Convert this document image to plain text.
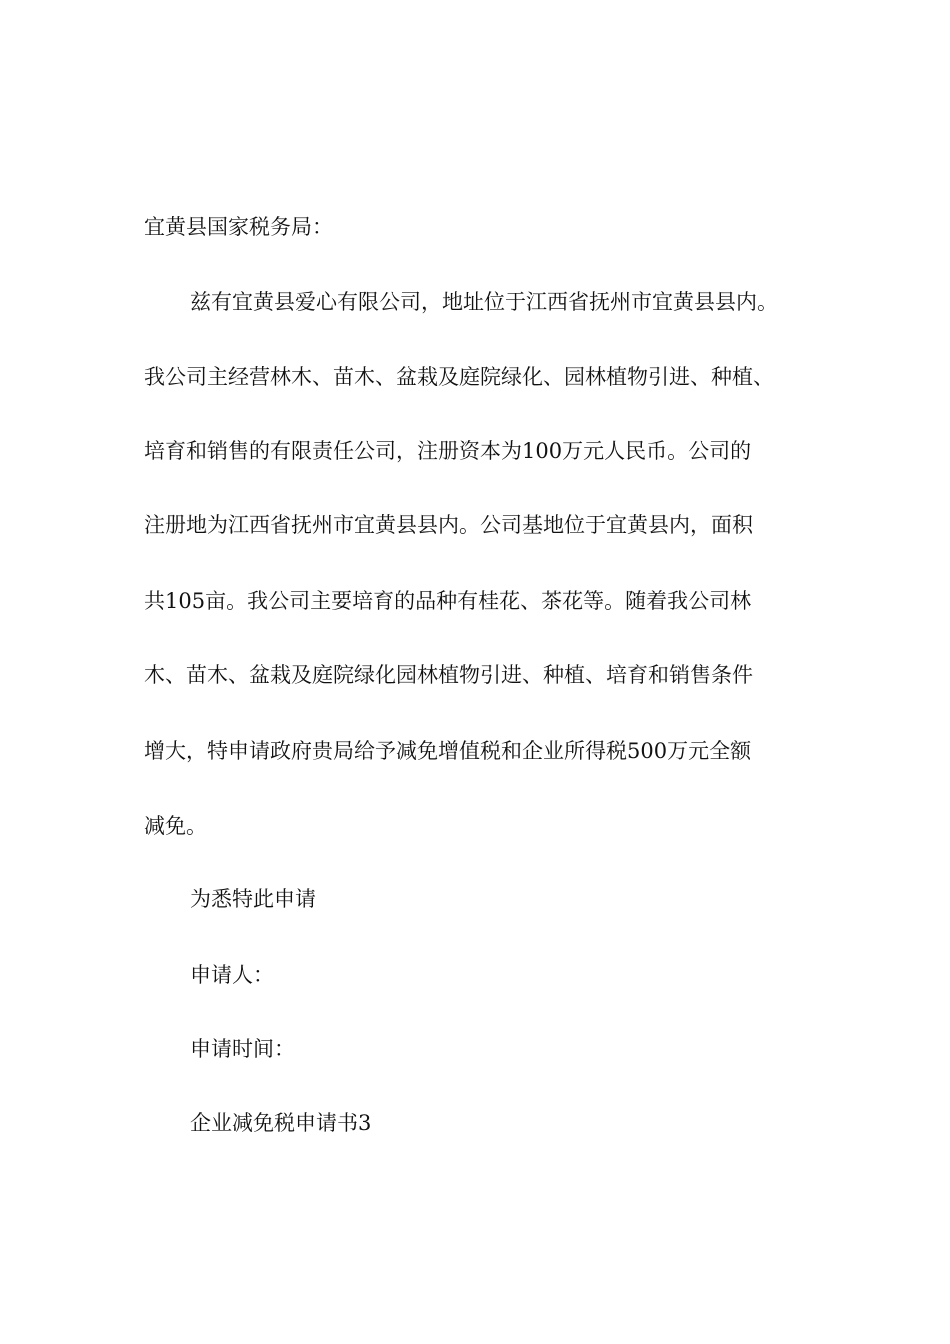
宜黄县国家税务局：

兹有宜黄县爱心有限公司，地址位于江西省抚州市宜黄县县内。

我公司主经营林木、苗木、盆栽及庭院绿化、园林植物引进、种植、

培育和销售的有限责任公司，注册资本为100万元人民币。公司的

注册地为江西省抚州市宜黄县县内。公司基地位于宜黄县内，面积

共105亩。我公司主要培育的品种有桂花、茶花等。随着我公司林

木、苗木、盆栽及庭院绿化园林植物引进、种植、培育和销售条件

增大，特申请政府贵局给予减免增值税和企业所得税500万元全额

减免。

为悉特此申请

申请人：

申请时间：

企业减免税申请书3
